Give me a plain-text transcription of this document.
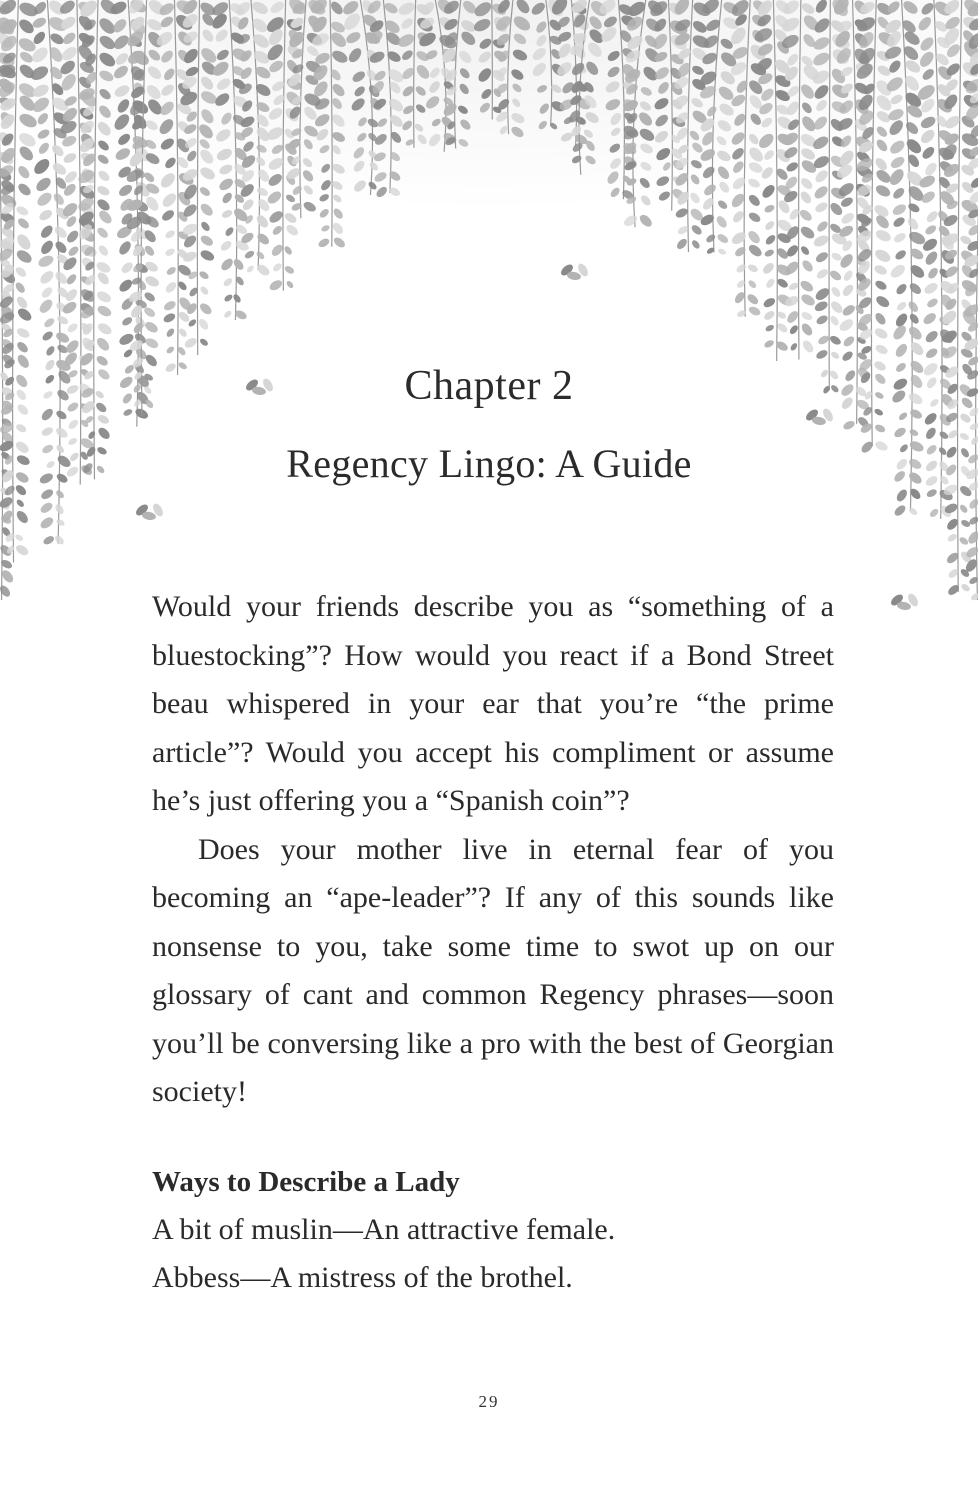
Chapter 2
Regency Lingo: A Guide

Would your friends describe you as “something of a bluestocking”? How would you react if a Bond Street beau whispered in your ear that you’re “the prime article”? Would you accept his compliment or assume he’s just offering you a “Spanish coin”?

Does your mother live in eternal fear of you becoming an “ape-leader”? If any of this sounds like nonsense to you, take some time to swot up on our glossary of cant and common Regency phrases—soon you’ll be conversing like a pro with the best of Georgian society!

Ways to Describe a Lady

A bit of muslin—An attractive female.

Abbess—A mistress of the brothel.

29
